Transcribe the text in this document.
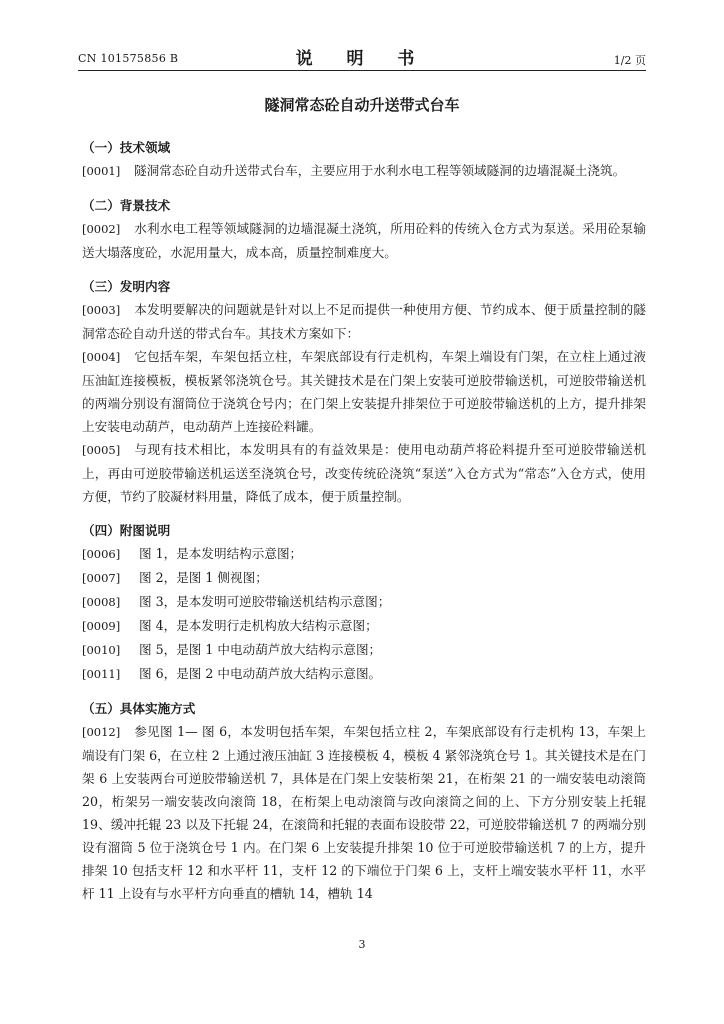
CN 101575856 B	说 明 书	1/2 页
隧洞常态砼自动升送带式台车

（一）技术领域

[0001] 隧洞常态砼自动升送带式台车，主要应用于水利水电工程等领域隧洞的边墙混凝土浇筑。

（二）背景技术

[0002] 水利水电工程等领域隧洞的边墙混凝土浇筑，所用砼料的传统入仓方式为泵送。采用砼泵输送大塌落度砼，水泥用量大，成本高，质量控制难度大。

（三）发明内容

[0003] 本发明要解决的问题就是针对以上不足而提供一种使用方便、节约成本、便于质量控制的隧洞常态砼自动升送的带式台车。其技术方案如下：

[0004] 它包括车架，车架包括立柱，车架底部设有行走机构，车架上端设有门架，在立柱上通过液压油缸连接模板，模板紧邻浇筑仓号。其关键技术是在门架上安装可逆胶带输送机，可逆胶带输送机的两端分别设有溜筒位于浇筑仓号内；在门架上安装提升排架位于可逆胶带输送机的上方，提升排架上安装电动葫芦，电动葫芦上连接砼料罐。

[0005] 与现有技术相比，本发明具有的有益效果是：使用电动葫芦将砼料提升至可逆胶带输送机上，再由可逆胶带输送机运送至浇筑仓号，改变传统砼浇筑“泵送”入仓方式为“常态”入仓方式，使用方便，节约了胶凝材料用量，降低了成本，便于质量控制。

（四）附图说明

[0006] 图 1，是本发明结构示意图；

[0007] 图 2，是图 1 侧视图；

[0008] 图 3，是本发明可逆胶带输送机结构示意图；

[0009] 图 4，是本发明行走机构放大结构示意图；

[0010] 图 5，是图 1 中电动葫芦放大结构示意图；

[0011] 图 6，是图 2 中电动葫芦放大结构示意图。

（五）具体实施方式

[0012] 参见图 1— 图 6，本发明包括车架，车架包括立柱 2，车架底部设有行走机构 13，车架上端设有门架 6，在立柱 2 上通过液压油缸 3 连接模板 4，模板 4 紧邻浇筑仓号 1。其关键技术是在门架 6 上安装两台可逆胶带输送机 7，具体是在门架上安装桁架 21，在桁架 21 的一端安装电动滚筒 20，桁架另一端安装改向滚筒 18，在桁架上电动滚筒与改向滚筒之间的上、下方分别安装上托辊 19、缓冲托辊 23 以及下托辊 24，在滚筒和托辊的表面布设胶带 22，可逆胶带输送机 7 的两端分别设有溜筒 5 位于浇筑仓号 1 内。在门架 6 上安装提升排架 10 位于可逆胶带输送机 7 的上方，提升排架 10 包括支杆 12 和水平杆 11，支杆 12 的下端位于门架 6 上，支杆上端安装水平杆 11，水平杆 11 上设有与水平杆方向垂直的槽轨 14，槽轨 14

3
